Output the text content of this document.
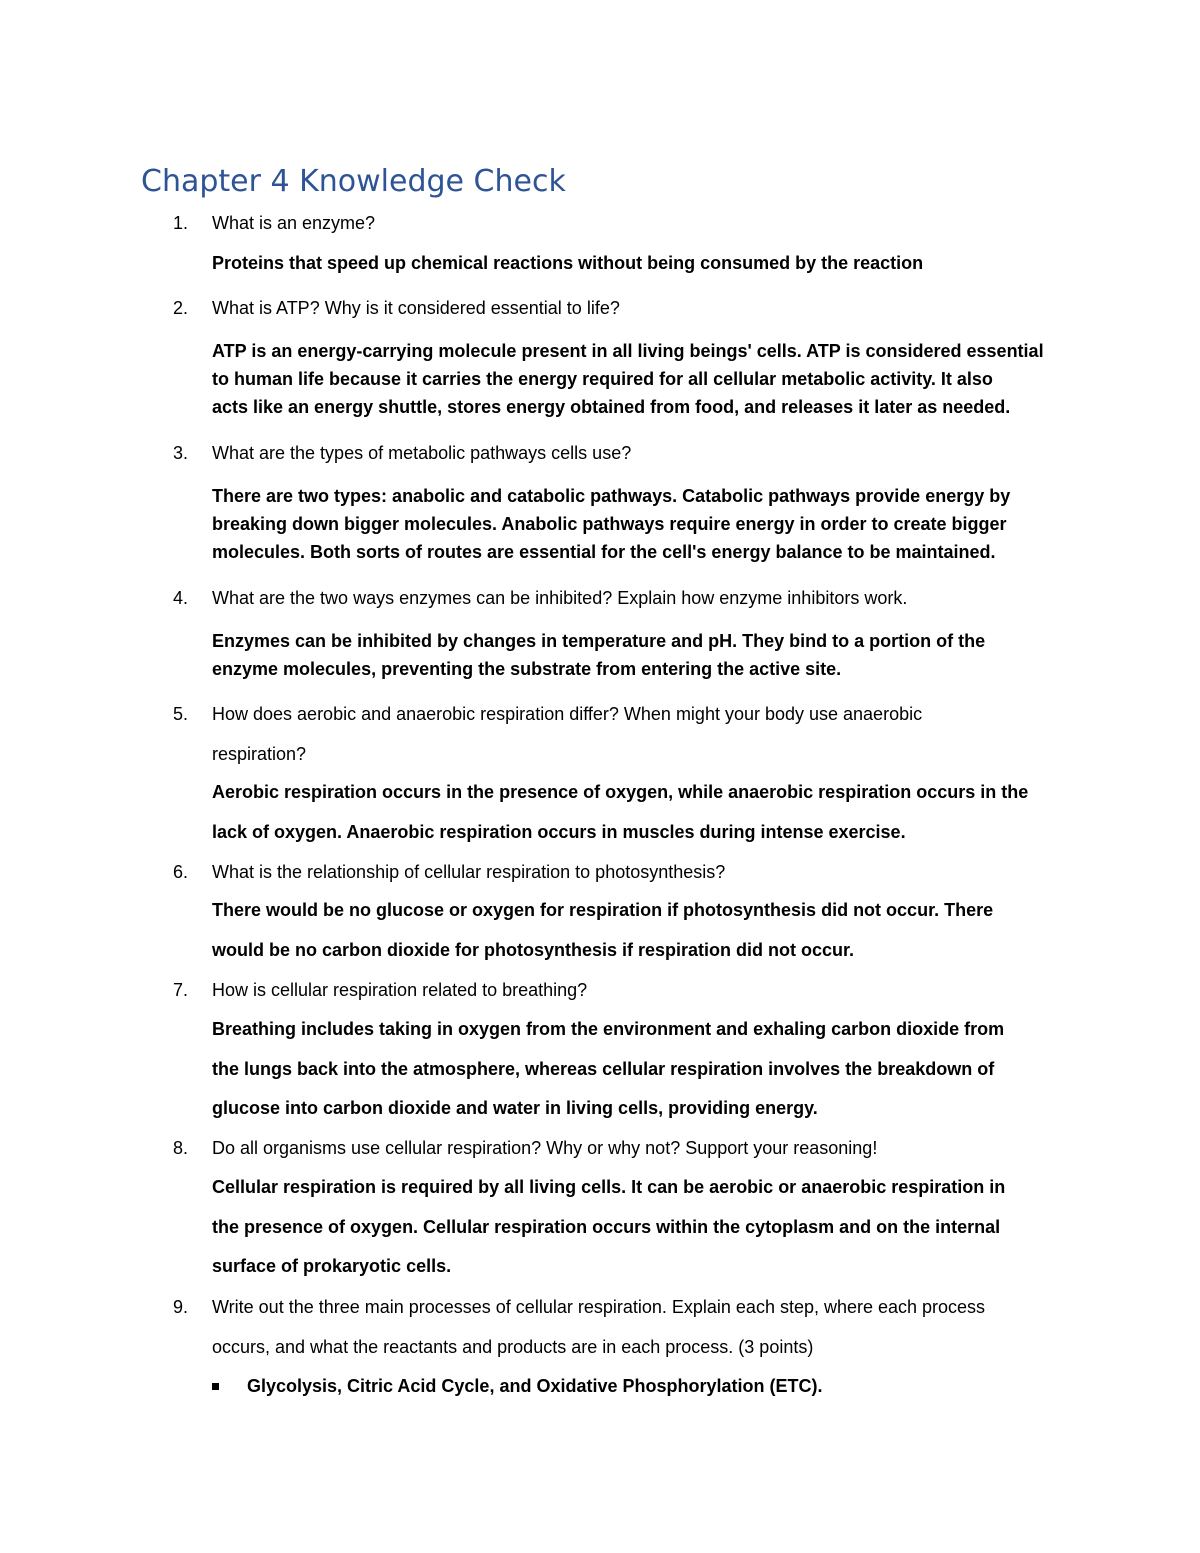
Chapter 4 Knowledge Check
1. What is an enzyme?
Proteins that speed up chemical reactions without being consumed by the reaction
2. What is ATP? Why is it considered essential to life?
ATP is an energy-carrying molecule present in all living beings' cells. ATP is considered essential
to human life because it carries the energy required for all cellular metabolic activity. It also
acts like an energy shuttle, stores energy obtained from food, and releases it later as needed.
3. What are the types of metabolic pathways cells use?
There are two types: anabolic and catabolic pathways. Catabolic pathways provide energy by
breaking down bigger molecules. Anabolic pathways require energy in order to create bigger
molecules. Both sorts of routes are essential for the cell's energy balance to be maintained.
4. What are the two ways enzymes can be inhibited? Explain how enzyme inhibitors work.
Enzymes can be inhibited by changes in temperature and pH. They bind to a portion of the
enzyme molecules, preventing the substrate from entering the active site.
5. How does aerobic and anaerobic respiration differ? When might your body use anaerobic
respiration?
Aerobic respiration occurs in the presence of oxygen, while anaerobic respiration occurs in the
lack of oxygen. Anaerobic respiration occurs in muscles during intense exercise.
6. What is the relationship of cellular respiration to photosynthesis?
There would be no glucose or oxygen for respiration if photosynthesis did not occur. There
would be no carbon dioxide for photosynthesis if respiration did not occur.
7. How is cellular respiration related to breathing?
Breathing includes taking in oxygen from the environment and exhaling carbon dioxide from
the lungs back into the atmosphere, whereas cellular respiration involves the breakdown of
glucose into carbon dioxide and water in living cells, providing energy.
8. Do all organisms use cellular respiration? Why or why not? Support your reasoning!
Cellular respiration is required by all living cells. It can be aerobic or anaerobic respiration in
the presence of oxygen. Cellular respiration occurs within the cytoplasm and on the internal
surface of prokaryotic cells.
9. Write out the three main processes of cellular respiration. Explain each step, where each process
occurs, and what the reactants and products are in each process. (3 points)
Glycolysis, Citric Acid Cycle, and Oxidative Phosphorylation (ETC).
